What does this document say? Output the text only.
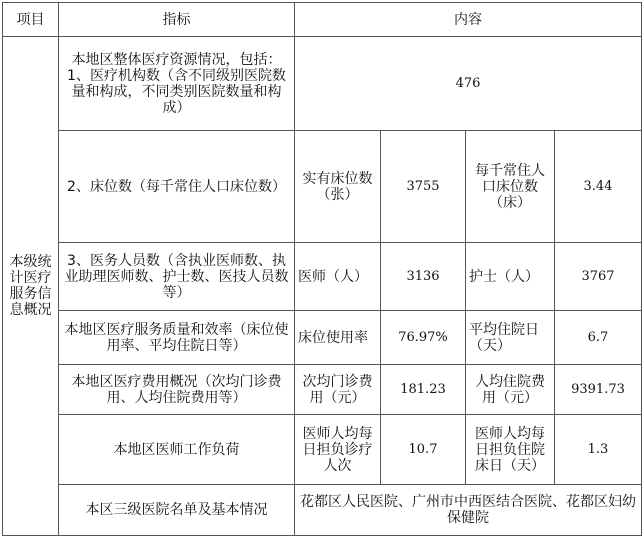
项目	指标	内容			
本级统计医疗服务信息概况	本地区整体医疗资源情况，包括：1、医疗机构数（含不同级别医院数量和构成，不同类别医院数量和构成）	476			
	2、床位数（每千常住人口床位数）	实有床位数（张）	3755	每千常住人口床位数（床）	3.44
	3、医务人员数（含执业医师数、执业助理医师数、护士数、医技人员数等）	医师（人）	3136	护士（人）	3767
	本地区医疗服务质量和效率（床位使用率、平均住院日等）	床位使用率	76.97%	平均住院日（天）	6.7
	本地区医疗费用概况（次均门诊费用、人均住院费用等）	次均门诊费用（元）	181.23	人均住院费用（元）	9391.73
	本地区医师工作负荷	医师人均每日担负诊疗人次	10.7	医师人均每日担负住院床日（天）	1.3
	本区三级医院名单及基本情况	花都区人民医院、广州市中西医结合医院、花都区妇幼保健院			
